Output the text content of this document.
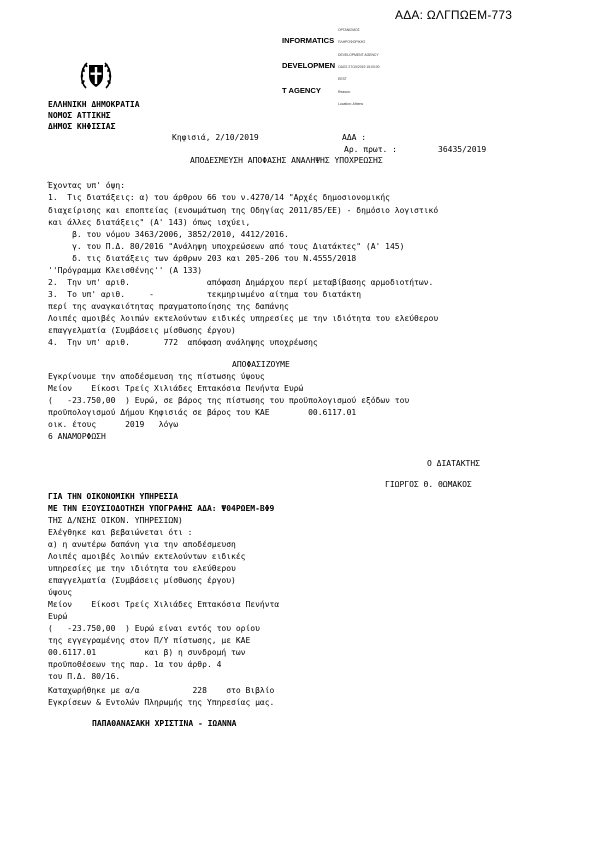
ΑΔΑ: ΩΛΓΠΩΕΜ-773

INFORMATICS

DEVELOPMEN

T AGENCY

ΟΡΓΑΝΙΣΜΟΣ

ΠΛΗΡΟΦΟΡΙΚΗΣ

DEVELOPMENT AGENCY

ΟΔΟΣ 27/10/2019 15:00:00

EEST

Reason:

Location: Athens

ΕΛΛΗΝΙΚΗ ΔΗΜΟΚΡΑΤΙΑ
ΝΟΜΟΣ ΑΤΤΙΚΗΣ
ΔΗΜΟΣ ΚΗΦΙΣΙΑΣ
Κηφισιά, 2/10/2019	ΑΔΑ :
Αρ. πρωτ. :	36435/2019
ΑΠΟΔΕΣΜΕΥΣΗ ΑΠΟΦΑΣΗΣ ΑΝΑΛΗΨΗΣ ΥΠΟΧΡΕΩΣΗΣ
Έχοντας υπ' όψη:
1.  Τις διατάξεις: α) του άρθρου 66 του ν.4270/14 "Αρχές δημοσιονομικής
διαχείρισης και εποπτείας (ενσωμάτωση της Οδηγίας 2011/85/ΕΕ) - δημόσιο λογιστικό
και άλλες διατάξεις" (Α' 143) όπως ισχύει,
β. του νόμου 3463/2006, 3852/2010, 4412/2016.
γ. του Π.Δ. 80/2016 "Ανάληψη υποχρεώσεων από τους Διατάκτες" (Α' 145)
δ. τις διατάξεις των άρθρων 203 και 205-206 του Ν.4555/2018
''Πρόγραμμα Κλεισθένης'' (Α 133)
2.  Την υπ' αριθ.                απόφαση Δημάρχου περί μεταβίβασης αρμοδιοτήτων.
3.  Το υπ' αριθ.     -           τεκμηριωμένο αίτημα του διατάκτη
περί της αναγκαιότητας πραγματοποίησης της δαπάνης
Λοιπές αμοιβές λοιπών εκτελούντων ειδικές υπηρεσίες με την ιδιότητα του ελεύθερου
επαγγελματία (Συμβάσεις μίσθωσης έργου)
4.  Την υπ' αριθ.       772  απόφαση ανάληψης υποχρέωσης
ΑΠΟΦΑΣΙΖΟΥΜΕ
Εγκρίνουμε την αποδέσμευση της πίστωσης ύψους
Μείον    Είκοσι Τρείς Χιλιάδες Επτακόσια Πενήντα Ευρώ
(   -23.750,00  ) Ευρώ, σε βάρος της πίστωσης του προϋπολογισμού εξόδων του
προϋπολογισμού Δήμου Κηφισιάς σε βάρος του ΚΑΕ        00.6117.01
οικ. έτους      2019   λόγω
6 ΑΝΑΜΟΡΦΩΣΗ
Ο ΔΙΑΤΑΚΤΗΣ
ΓΙΩΡΓΟΣ Θ. ΘΩΜΑΚΟΣ
ΓΙΑ ΤΗΝ ΟΙΚΟΝΟΜΙΚΗ ΥΠΗΡΕΣΙΑ
ΜΕ ΤΗΝ ΕΞΟΥΣΙΟΔΟΤΗΣΗ ΥΠΟΓΡΑΦΗΣ ΑΔΑ: Ψ04ΡΩΕΜ-ΒΦ9
ΤΗΣ Δ/ΝΣΗΣ ΟΙΚΟΝ. ΥΠΗΡΕΣΙΩΝ)
Ελέγθηκε και βεβαιώνεται ότι :
α) η ανωτέρω δαπάνη για την αποδέσμευση
Λοιπές αμοιβές λοιπών εκτελούντων ειδικές
υπηρεσίες με την ιδιότητα του ελεύθερου
επαγγελματία (Συμβάσεις μίσθωσης έργου)
ύψους
Μείον    Είκοσι Τρείς Χιλιάδες Επτακόσια Πενήντα
Ευρώ
(   -23.750,00  ) Ευρώ είναι εντός του ορίου
της εγγεγραμένης στον Π/Υ πίστωσης, με ΚΑΕ
00.6117.01          και β) η συνδρομή των
προϋποθέσεων της παρ. 1α του άρθρ. 4
του Π.Δ. 80/16.
Καταχωρήθηκε με α/α           228    στο Βιβλίο
Εγκρίσεων & Εντολών Πληρωμής της Υπηρεσίας μας.
ΠΑΠΑΘΑΝΑΣΑΚΗ ΧΡΙΣΤΙΝΑ - ΙΩΑΝΝΑ
